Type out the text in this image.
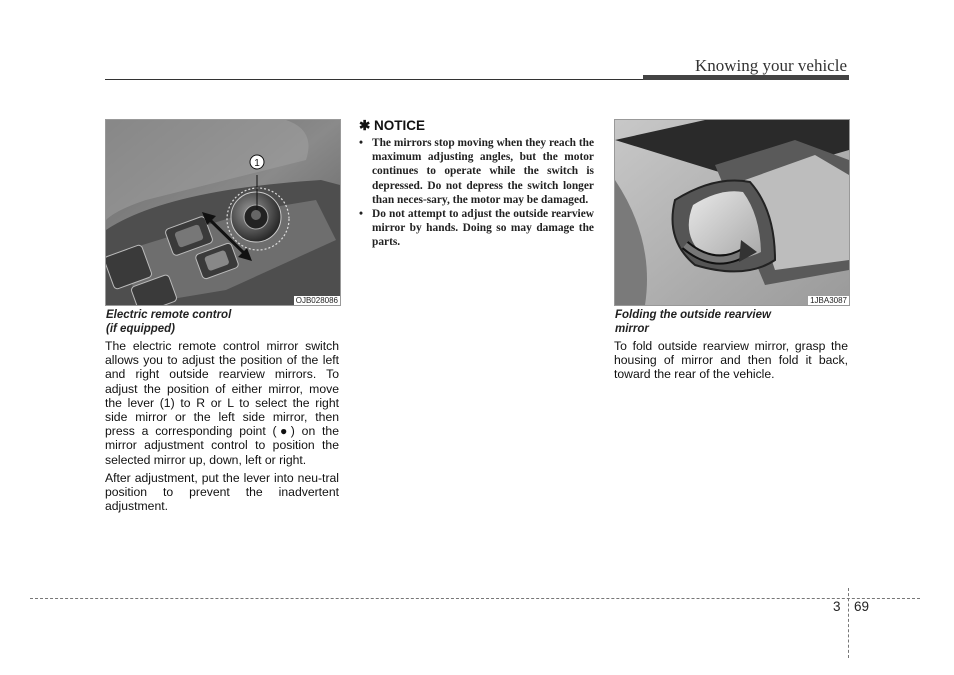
Knowing your vehicle
1
OJB028086
Electric remote control
(if equipped)

The electric remote control mirror switch allows you to adjust the position of the left and right outside rearview mirrors. To adjust the position of either mirror, move the lever (1) to R or L to select the right side mirror or the left side mirror, then press a corresponding point (●) on the mirror adjustment control to position the selected mirror up, down, left or right.

After adjustment, put the lever into neu-tral position to prevent the inadvertent adjustment.

✱ NOTICE
• The mirrors stop moving when they reach the maximum adjusting angles, but the motor continues to operate while the switch is depressed. Do not depress the switch longer than neces-sary, the motor may be damaged.
• Do not attempt to adjust the outside rearview mirror by hands. Doing so may damage the parts.
1JBA3087
Folding the outside rearview
mirror

To fold outside rearview mirror, grasp the housing of mirror and then fold it back, toward the rear of the vehicle.

3 69
